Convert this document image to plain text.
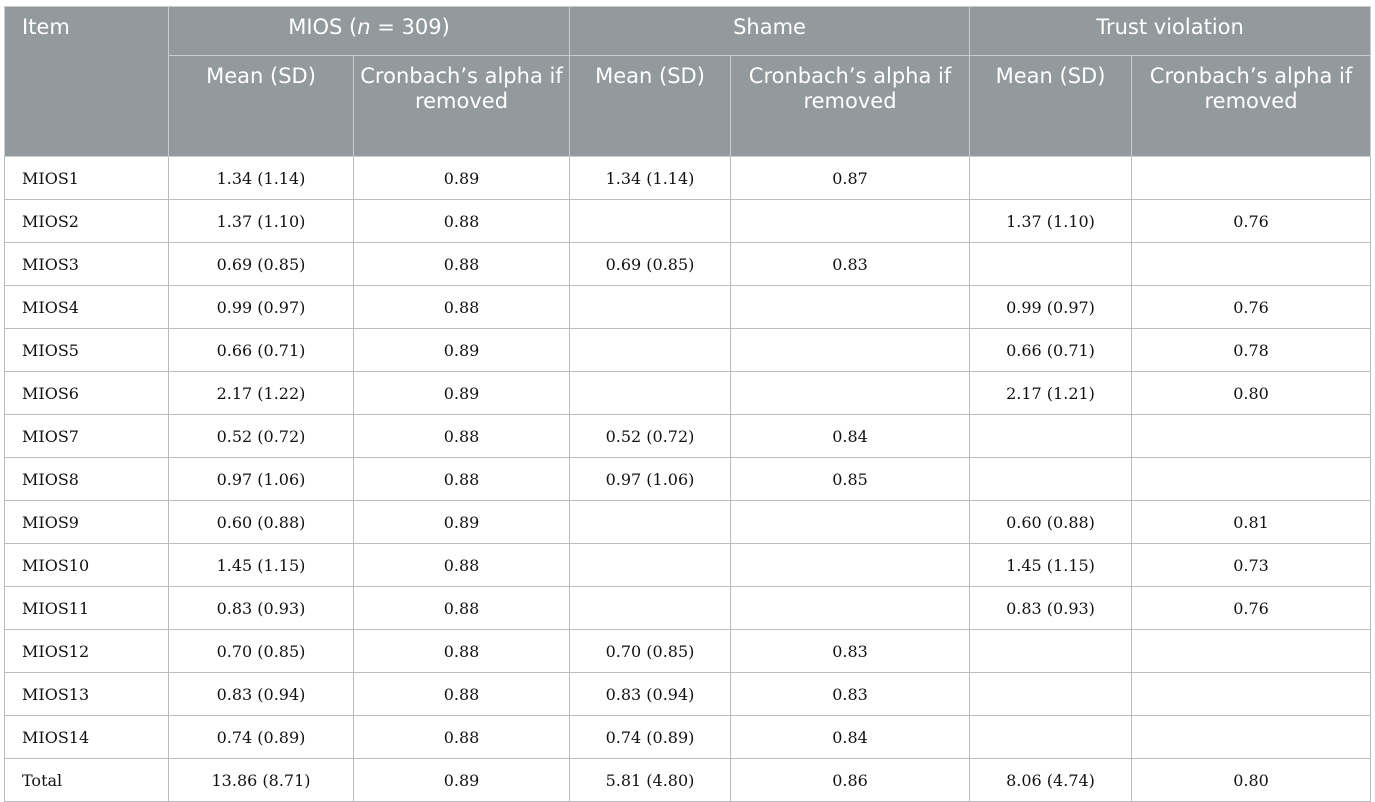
Item	MIOS (n = 309)		Shame		Trust violation	
	Mean (SD)	Cronbach’s alpha if removed	Mean (SD)	Cronbach’s alpha if removed	Mean (SD)	Cronbach’s alpha if removed
MIOS1	1.34 (1.14)	0.89	1.34 (1.14)	0.87		
MIOS2	1.37 (1.10)	0.88			1.37 (1.10)	0.76
MIOS3	0.69 (0.85)	0.88	0.69 (0.85)	0.83		
MIOS4	0.99 (0.97)	0.88			0.99 (0.97)	0.76
MIOS5	0.66 (0.71)	0.89			0.66 (0.71)	0.78
MIOS6	2.17 (1.22)	0.89			2.17 (1.21)	0.80
MIOS7	0.52 (0.72)	0.88	0.52 (0.72)	0.84		
MIOS8	0.97 (1.06)	0.88	0.97 (1.06)	0.85		
MIOS9	0.60 (0.88)	0.89			0.60 (0.88)	0.81
MIOS10	1.45 (1.15)	0.88			1.45 (1.15)	0.73
MIOS11	0.83 (0.93)	0.88			0.83 (0.93)	0.76
MIOS12	0.70 (0.85)	0.88	0.70 (0.85)	0.83		
MIOS13	0.83 (0.94)	0.88	0.83 (0.94)	0.83		
MIOS14	0.74 (0.89)	0.88	0.74 (0.89)	0.84		
Total	13.86 (8.71)	0.89	5.81 (4.80)	0.86	8.06 (4.74)	0.80
